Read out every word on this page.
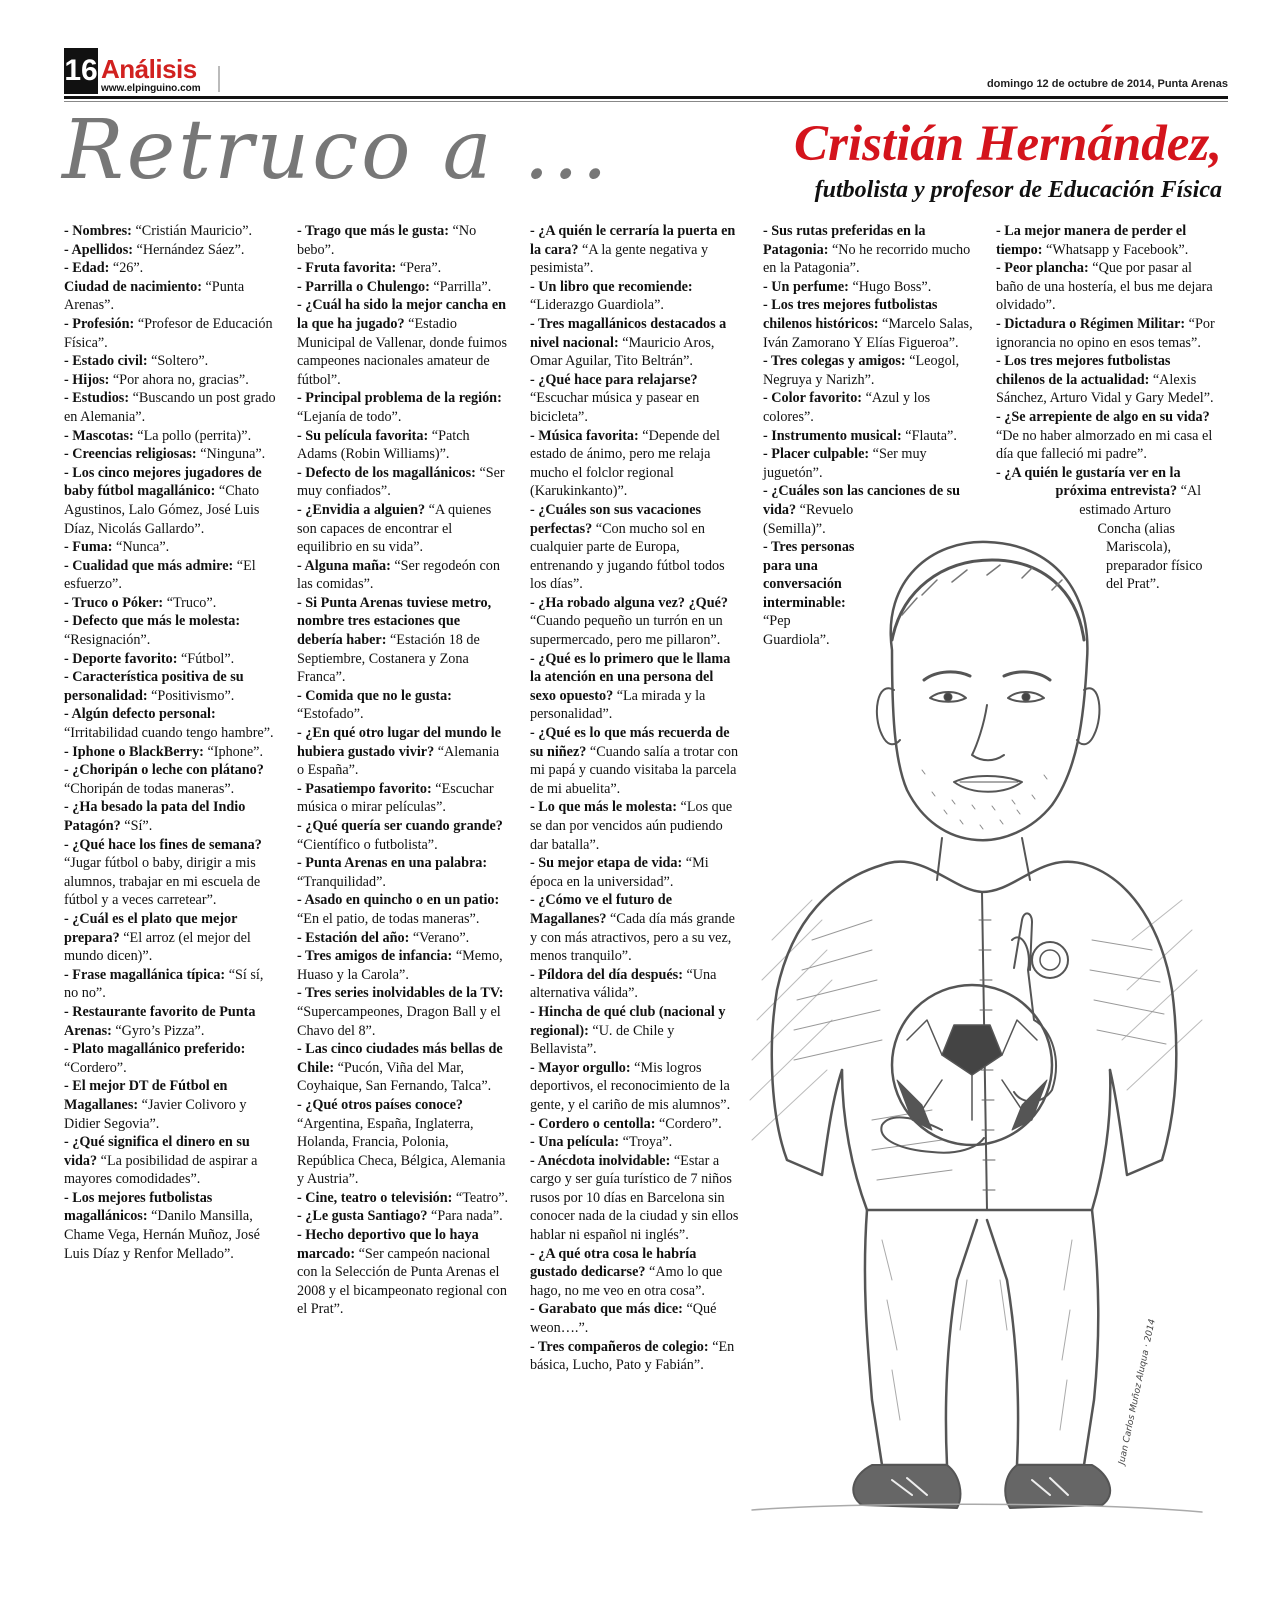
16 Análisis
www.elpinguino.com	domingo 12 de octubre de 2014, Punta Arenas
Retruco a ...	Cristián Hernández,
futbolista y profesor de Educación Física
Juan Carlos Muñoz Aluqua · 2014

- Nombres: “Cristián Mauricio”.

- Apellidos: “Hernández Sáez”.

- Edad: “26”.

Ciudad de nacimiento: “Punta Arenas”.

- Profesión: “Profesor de Educación Física”.

- Estado civil: “Soltero”.

- Hijos: “Por ahora no, gracias”.

- Estudios: “Buscando un post grado en Alemania”.

- Mascotas: “La pollo (perrita)”.

- Creencias religiosas: “Ninguna”.

- Los cinco mejores jugadores de baby fútbol magallánico: “Chato Agustinos, Lalo Gómez, José Luis Díaz, Nicolás Gallardo”.

- Fuma: “Nunca”.

- Cualidad que más admire: “El esfuerzo”.

- Truco o Póker: “Truco”.

- Defecto que más le molesta: “Resignación”.

- Deporte favorito: “Fútbol”.

- Característica positiva de su personalidad: “Positivismo”.

- Algún defecto personal: “Irritabilidad cuando tengo hambre”.

- Iphone o BlackBerry: “Iphone”.

- ¿Choripán o leche con plátano? “Choripán de todas maneras”.

- ¿Ha besado la pata del Indio Patagón? “Sí”.

- ¿Qué hace los fines de semana? “Jugar fútbol o baby, dirigir a mis alumnos, trabajar en mi escuela de fútbol y a veces carretear”.

- ¿Cuál es el plato que mejor prepara? “El arroz (el mejor del mundo dicen)”.

- Frase magallánica típica: “Sí sí, no no”.

- Restaurante favorito de Punta Arenas: “Gyro’s Pizza”.

- Plato magallánico preferido: “Cordero”.

- El mejor DT de Fútbol en Magallanes: “Javier Colivoro y Didier Segovia”.

- ¿Qué significa el dinero en su vida? “La posibilidad de aspirar a mayores comodidades”.

- Los mejores futbolistas magallánicos: “Danilo Mansilla, Chame Vega, Hernán Muñoz, José Luis Díaz y Renfor Mellado”.

- Trago que más le gusta: “No bebo”.

- Fruta favorita: “Pera”.

- Parrilla o Chulengo: “Parrilla”.

- ¿Cuál ha sido la mejor cancha en la que ha jugado? “Estadio Municipal de Vallenar, donde fuimos campeones nacionales amateur de fútbol”.

- Principal problema de la región: “Lejanía de todo”.

- Su película favorita: “Patch Adams (Robin Williams)”.

- Defecto de los magallánicos: “Ser muy confiados”.

- ¿Envidia a alguien? “A quienes son capaces de encontrar el equilibrio en su vida”.

- Alguna maña: “Ser regodeón con las comidas”.

- Si Punta Arenas tuviese metro, nombre tres estaciones que debería haber: “Estación 18 de Septiembre, Costanera y Zona Franca”.

- Comida que no le gusta: “Estofado”.

- ¿En qué otro lugar del mundo le hubiera gustado vivir? “Alemania o España”.

- Pasatiempo favorito: “Escuchar música o mirar películas”.

- ¿Qué quería ser cuando grande? “Científico o futbolista”.

- Punta Arenas en una palabra: “Tranquilidad”.

- Asado en quincho o en un patio: “En el patio, de todas maneras”.

- Estación del año: “Verano”.

- Tres amigos de infancia: “Memo, Huaso y la Carola”.

- Tres series inolvidables de la TV: “Supercampeones, Dragon Ball y el Chavo del 8”.

- Las cinco ciudades más bellas de Chile: “Pucón, Viña del Mar, Coyhaique, San Fernando, Talca”.

- ¿Qué otros países conoce? “Argentina, España, Inglaterra, Holanda, Francia, Polonia, República Checa, Bélgica, Alemania y Austria”.

- Cine, teatro o televisión: “Teatro”.

- ¿Le gusta Santiago? “Para nada”.

- Hecho deportivo que lo haya marcado: “Ser campeón nacional con la Selección de Punta Arenas el 2008 y el bicampeonato regional con el Prat”.

- ¿A quién le cerraría la puerta en la cara? “A la gente negativa y pesimista”.

- Un libro que recomiende: “Liderazgo Guardiola”.

- Tres magallánicos destacados a nivel nacional: “Mauricio Aros, Omar Aguilar, Tito Beltrán”.

- ¿Qué hace para relajarse? “Escuchar música y pasear en bicicleta”.

- Música favorita: “Depende del estado de ánimo, pero me relaja mucho el folclor regional (Karukinkanto)”.

- ¿Cuáles son sus vacaciones perfectas? “Con mucho sol en cualquier parte de Europa, entrenando y jugando fútbol todos los días”.

- ¿Ha robado alguna vez? ¿Qué? “Cuando pequeño un turrón en un supermercado, pero me pillaron”.

- ¿Qué es lo primero que le llama la atención en una persona del sexo opuesto? “La mirada y la personalidad”.

- ¿Qué es lo que más recuerda de su niñez? “Cuando salía a trotar con mi papá y cuando visitaba la parcela de mi abuelita”.

- Lo que más le molesta: “Los que se dan por vencidos aún pudiendo dar batalla”.

- Su mejor etapa de vida: “Mi época en la universidad”.

- ¿Cómo ve el futuro de Magallanes? “Cada día más grande y con más atractivos, pero a su vez, menos tranquilo”.

- Píldora del día después: “Una alternativa válida”.

- Hincha de qué club (nacional y regional): “U. de Chile y Bellavista”.

- Mayor orgullo: “Mis logros deportivos, el reconocimiento de la gente, y el cariño de mis alumnos”.

- Cordero o centolla: “Cordero”.

- Una película: “Troya”.

- Anécdota inolvidable: “Estar a cargo y ser guía turístico de 7 niños rusos por 10 días en Barcelona sin conocer nada de la ciudad y sin ellos hablar ni español ni inglés”.

- ¿A qué otra cosa le habría gustado dedicarse? “Amo lo que hago, no me veo en otra cosa”.

- Garabato que más dice: “Qué weon….”.

- Tres compañeros de colegio: “En básica, Lucho, Pato y Fabián”.

- Sus rutas preferidas en la Patagonia: “No he recorrido mucho en la Patagonia”.

- Un perfume: “Hugo Boss”.

- Los tres mejores futbolistas chilenos históricos: “Marcelo Salas, Iván Zamorano Y Elías Figueroa”.

- Tres colegas y amigos: “Leogol, Negruya y Narizh”.

- Color favorito: “Azul y los colores”.

- Instrumento musical: “Flauta”.

- Placer culpable: “Ser muy juguetón”.

- ¿Cuáles son las canciones de su vida? “Revuelo (Semilla)”.

- Tres personas para una conversación interminable: “Pep Guardiola”.

- La mejor manera de perder el tiempo: “Whatsapp y Facebook”.

- Peor plancha: “Que por pasar al baño de una hostería, el bus me dejara olvidado”.

- Dictadura o Régimen Militar: “Por ignorancia no opino en esos temas”.

- Los tres mejores futbolistas chilenos de la actualidad: “Alexis Sánchez, Arturo Vidal y Gary Medel”.

- ¿Se arrepiente de algo en su vida? “De no haber almorzado en mi casa el día que falleció mi padre”.

- ¿A quién le gustaría ver en la próxima entrevista? “Al estimado Arturo Concha (alias Mariscola), preparador físico del Prat”.
